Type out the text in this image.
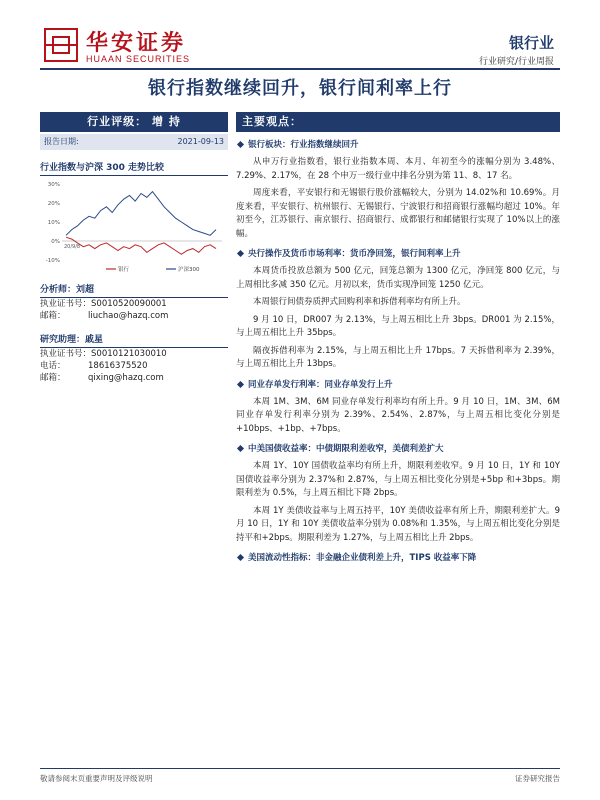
华安证券
HUAAN SECURITIES
银行业
行业研究/行业周报
银行指数继续回升，银行间利率上行
行业评级： 增 持
报告日期:	2021-09-13
行业指数与沪深 300 走势比较
30%
20%
10%
0%
-10%
20/9/8
银行	沪深300
分析师：刘超
执业证书号： S0010520090001
邮箱：	liuchao@hazq.com
研究助理：戚星
执业证书号： S0010121030010
电话：	18616375520
邮箱：	qixing@hazq.com
主要观点：
银行板块：行业指数继续回升
从申万行业指数看，银行业指数本周、本月、年初至今的涨幅分别为 3.48%、7.29%、2.17%，在 28 个申万一级行业中排名分别为第 11、8、17 名。
周度来看，平安银行和无锡银行股价涨幅较大，分别为 14.02%和 10.69%。月度来看，平安银行、杭州银行、无锡银行、宁波银行和招商银行涨幅均超过 10%。年初至今，江苏银行、南京银行、招商银行、成都银行和邮储银行实现了 10%以上的涨幅。
央行操作及货币市场利率：货币净回笼，银行间利率上升
本周货币投放总额为 500 亿元，回笼总额为 1300 亿元，净回笼 800 亿元，与上周相比多减 350 亿元。月初以来，货币实现净回笼 1250 亿元。
本周银行间债券质押式回购利率和拆借利率均有所上升。
9 月 10 日，DR007 为 2.13%，与上周五相比上升 3bps。DR001 为 2.15%，与上周五相比上升 35bps。
隔夜拆借利率为 2.15%，与上周五相比上升 17bps。7 天拆借利率为 2.39%，与上周五相比上升 13bps。
同业存单发行利率：同业存单发行上升
本周 1M、3M、6M 同业存单发行利率均有所上升。9 月 10 日，1M、3M、6M 同业存单发行利率分别为 2.39%、2.54%、2.87%，与上周五相比变化分别是+10bps、+1bp、+7bps。
中美国债收益率：中债期限利差收窄，美债利差扩大
本周 1Y、10Y 国债收益率均有所上升，期限利差收窄。9 月 10 日，1Y 和 10Y 国债收益率分别为 2.37%和 2.87%，与上周五相比变化分别是+5bp 和+3bps。期限利差为 0.5%，与上周五相比下降 2bps。
本周 1Y 美债收益率与上周五持平，10Y 美债收益率有所上升，期限利差扩大。9 月 10 日，1Y 和 10Y 美债收益率分别为 0.08%和 1.35%，与上周五相比变化分别是持平和+2bps。期限利差为 1.27%，与上周五相比上升 2bps。
美国流动性指标：非金融企业债利差上升，TIPS 收益率下降
敬请参阅末页重要声明及评级说明	证券研究报告
